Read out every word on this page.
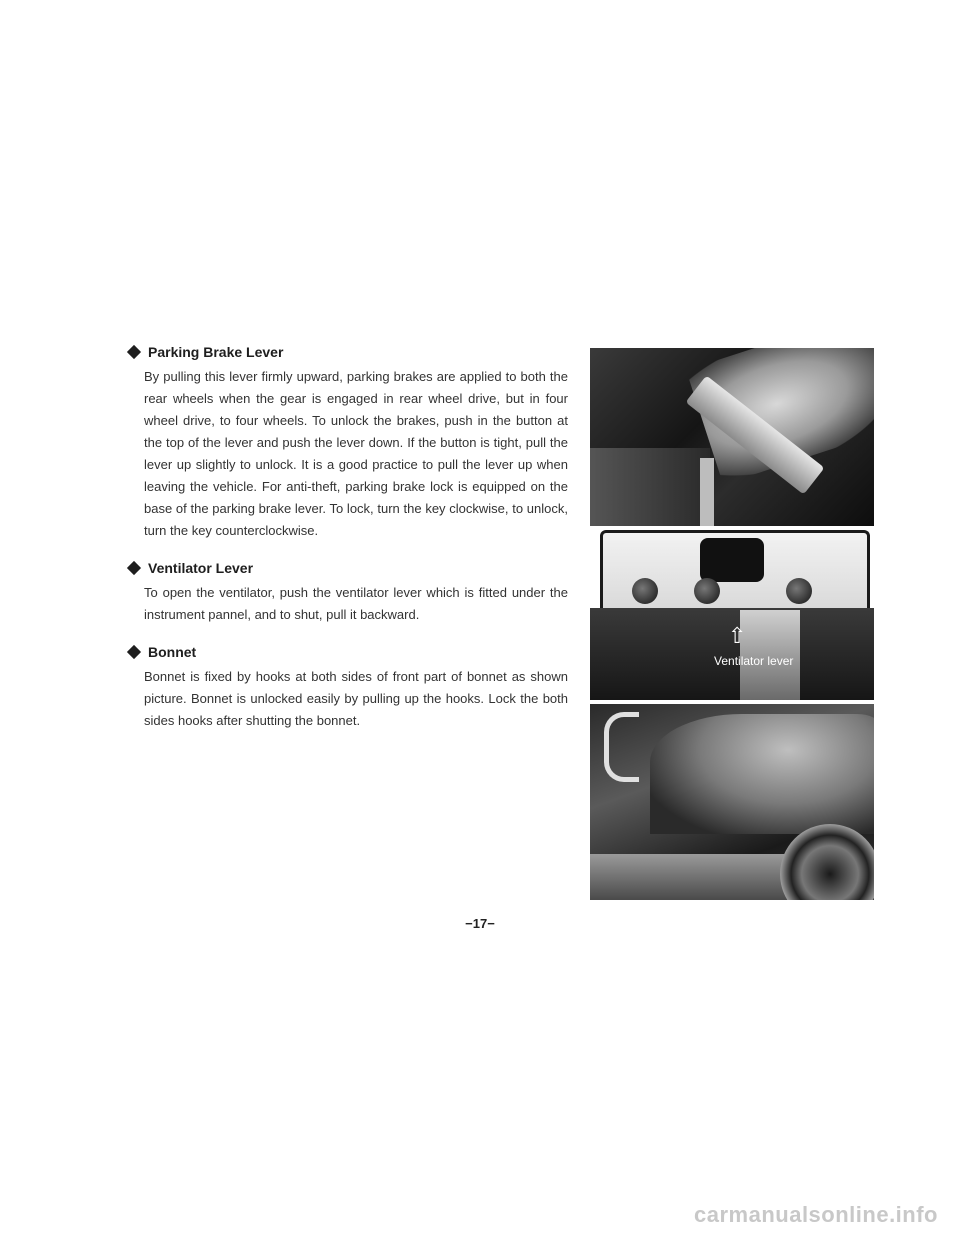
Parking Brake Lever

By pulling this lever firmly upward, parking brakes are applied to both the rear wheels when the gear is engaged in rear wheel drive, but in four wheel drive, to four wheels. To unlock the brakes, push in the button at the top of the lever and push the lever down. If the button is tight, pull the lever up slightly to unlock. It is a good practice to pull the lever up when leaving the vehicle. For anti-theft, parking brake lock is equipped on the base of the parking brake lever. To lock, turn the key clockwise, to unlock, turn the key counterclockwise.

Ventilator Lever

To open the ventilator, push the ventilator lever which is fitted under the instrument pannel, and to shut, pull it backward.

Bonnet

Bonnet is fixed by hooks at both sides of front part of bonnet as shown picture. Bonnet is unlocked easily by pulling up the hooks. Lock the both sides hooks after shutting the bonnet.

⇧
Ventilator lever
−17−
carmanualsonline.info
